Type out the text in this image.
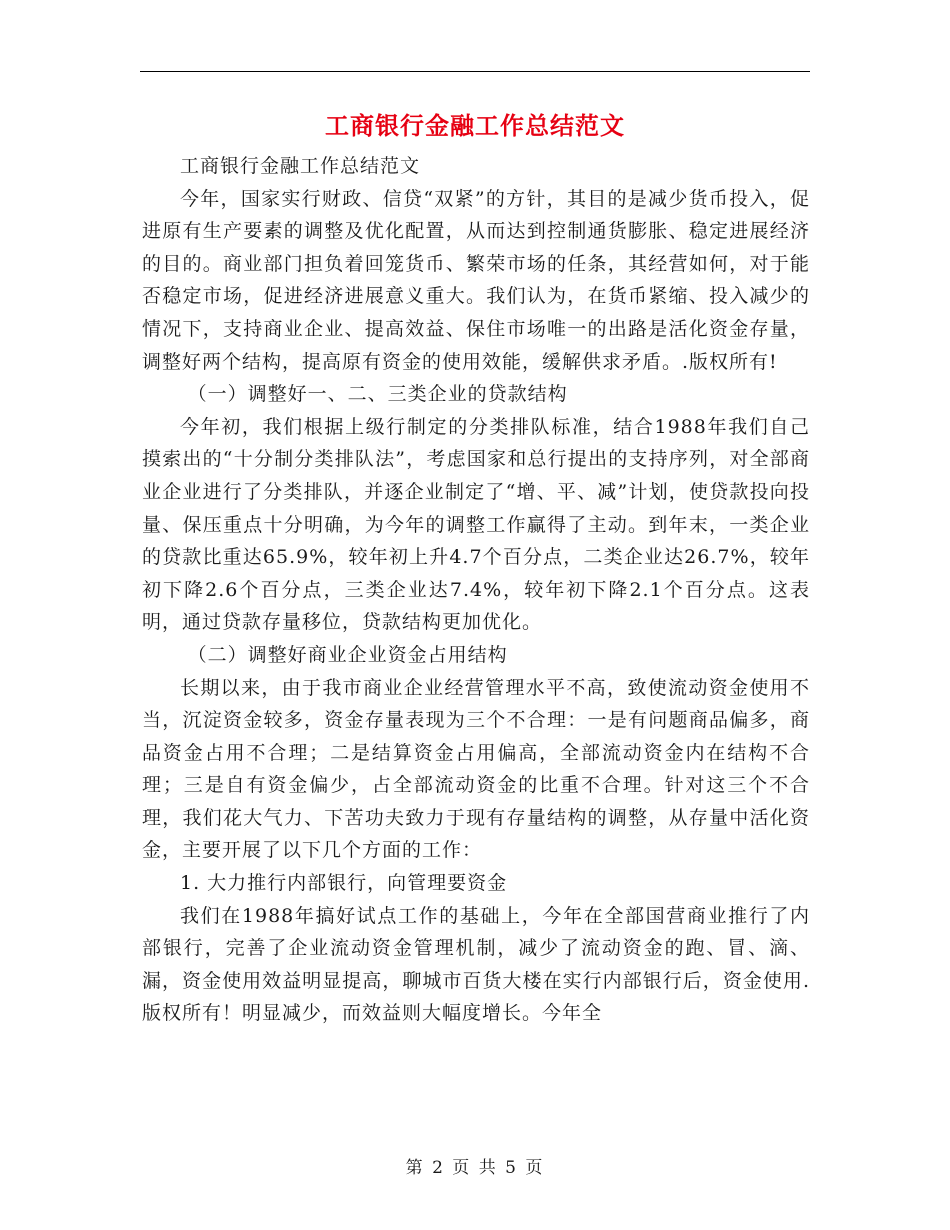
工商银行金融工作总结范文

工商银行金融工作总结范文

今年，国家实行财政、信贷“双紧”的方针，其目的是减少货币投入，促进原有生产要素的调整及优化配置，从而达到控制通货膨胀、稳定进展经济的目的。商业部门担负着回笼货币、繁荣市场的任条，其经营如何，对于能否稳定市场，促进经济进展意义重大。我们认为，在货币紧缩、投入减少的情况下，支持商业企业、提高效益、保住市场唯一的出路是活化资金存量，调整好两个结构，提高原有资金的使用效能，缓解供求矛盾。.版权所有!

（一）调整好一、二、三类企业的贷款结构

今年初，我们根据上级行制定的分类排队标准，结合1988年我们自己摸索出的“十分制分类排队法”，考虑国家和总行提出的支持序列，对全部商业企业进行了分类排队，并逐企业制定了“增、平、减”计划，使贷款投向投量、保压重点十分明确，为今年的调整工作赢得了主动。到年末，一类企业的贷款比重达65.9%，较年初上升4.7个百分点，二类企业达26.7%，较年初下降2.6个百分点，三类企业达7.4%，较年初下降2.1个百分点。这表明，通过贷款存量移位，贷款结构更加优化。

（二）调整好商业企业资金占用结构

长期以来，由于我市商业企业经营管理水平不高，致使流动资金使用不当，沉淀资金较多，资金存量表现为三个不合理：一是有问题商品偏多，商品资金占用不合理；二是结算资金占用偏高，全部流动资金内在结构不合理；三是自有资金偏少，占全部流动资金的比重不合理。针对这三个不合理，我们花大气力、下苦功夫致力于现有存量结构的调整，从存量中活化资金，主要开展了以下几个方面的工作：

1. 大力推行内部银行，向管理要资金

我们在1988年搞好试点工作的基础上，今年在全部国营商业推行了内部银行，完善了企业流动资金管理机制，减少了流动资金的跑、冒、滴、漏，资金使用效益明显提高，聊城市百货大楼在实行内部银行后，资金使用.版权所有！明显减少，而效益则大幅度增长。今年全

第 2 页 共 5 页
